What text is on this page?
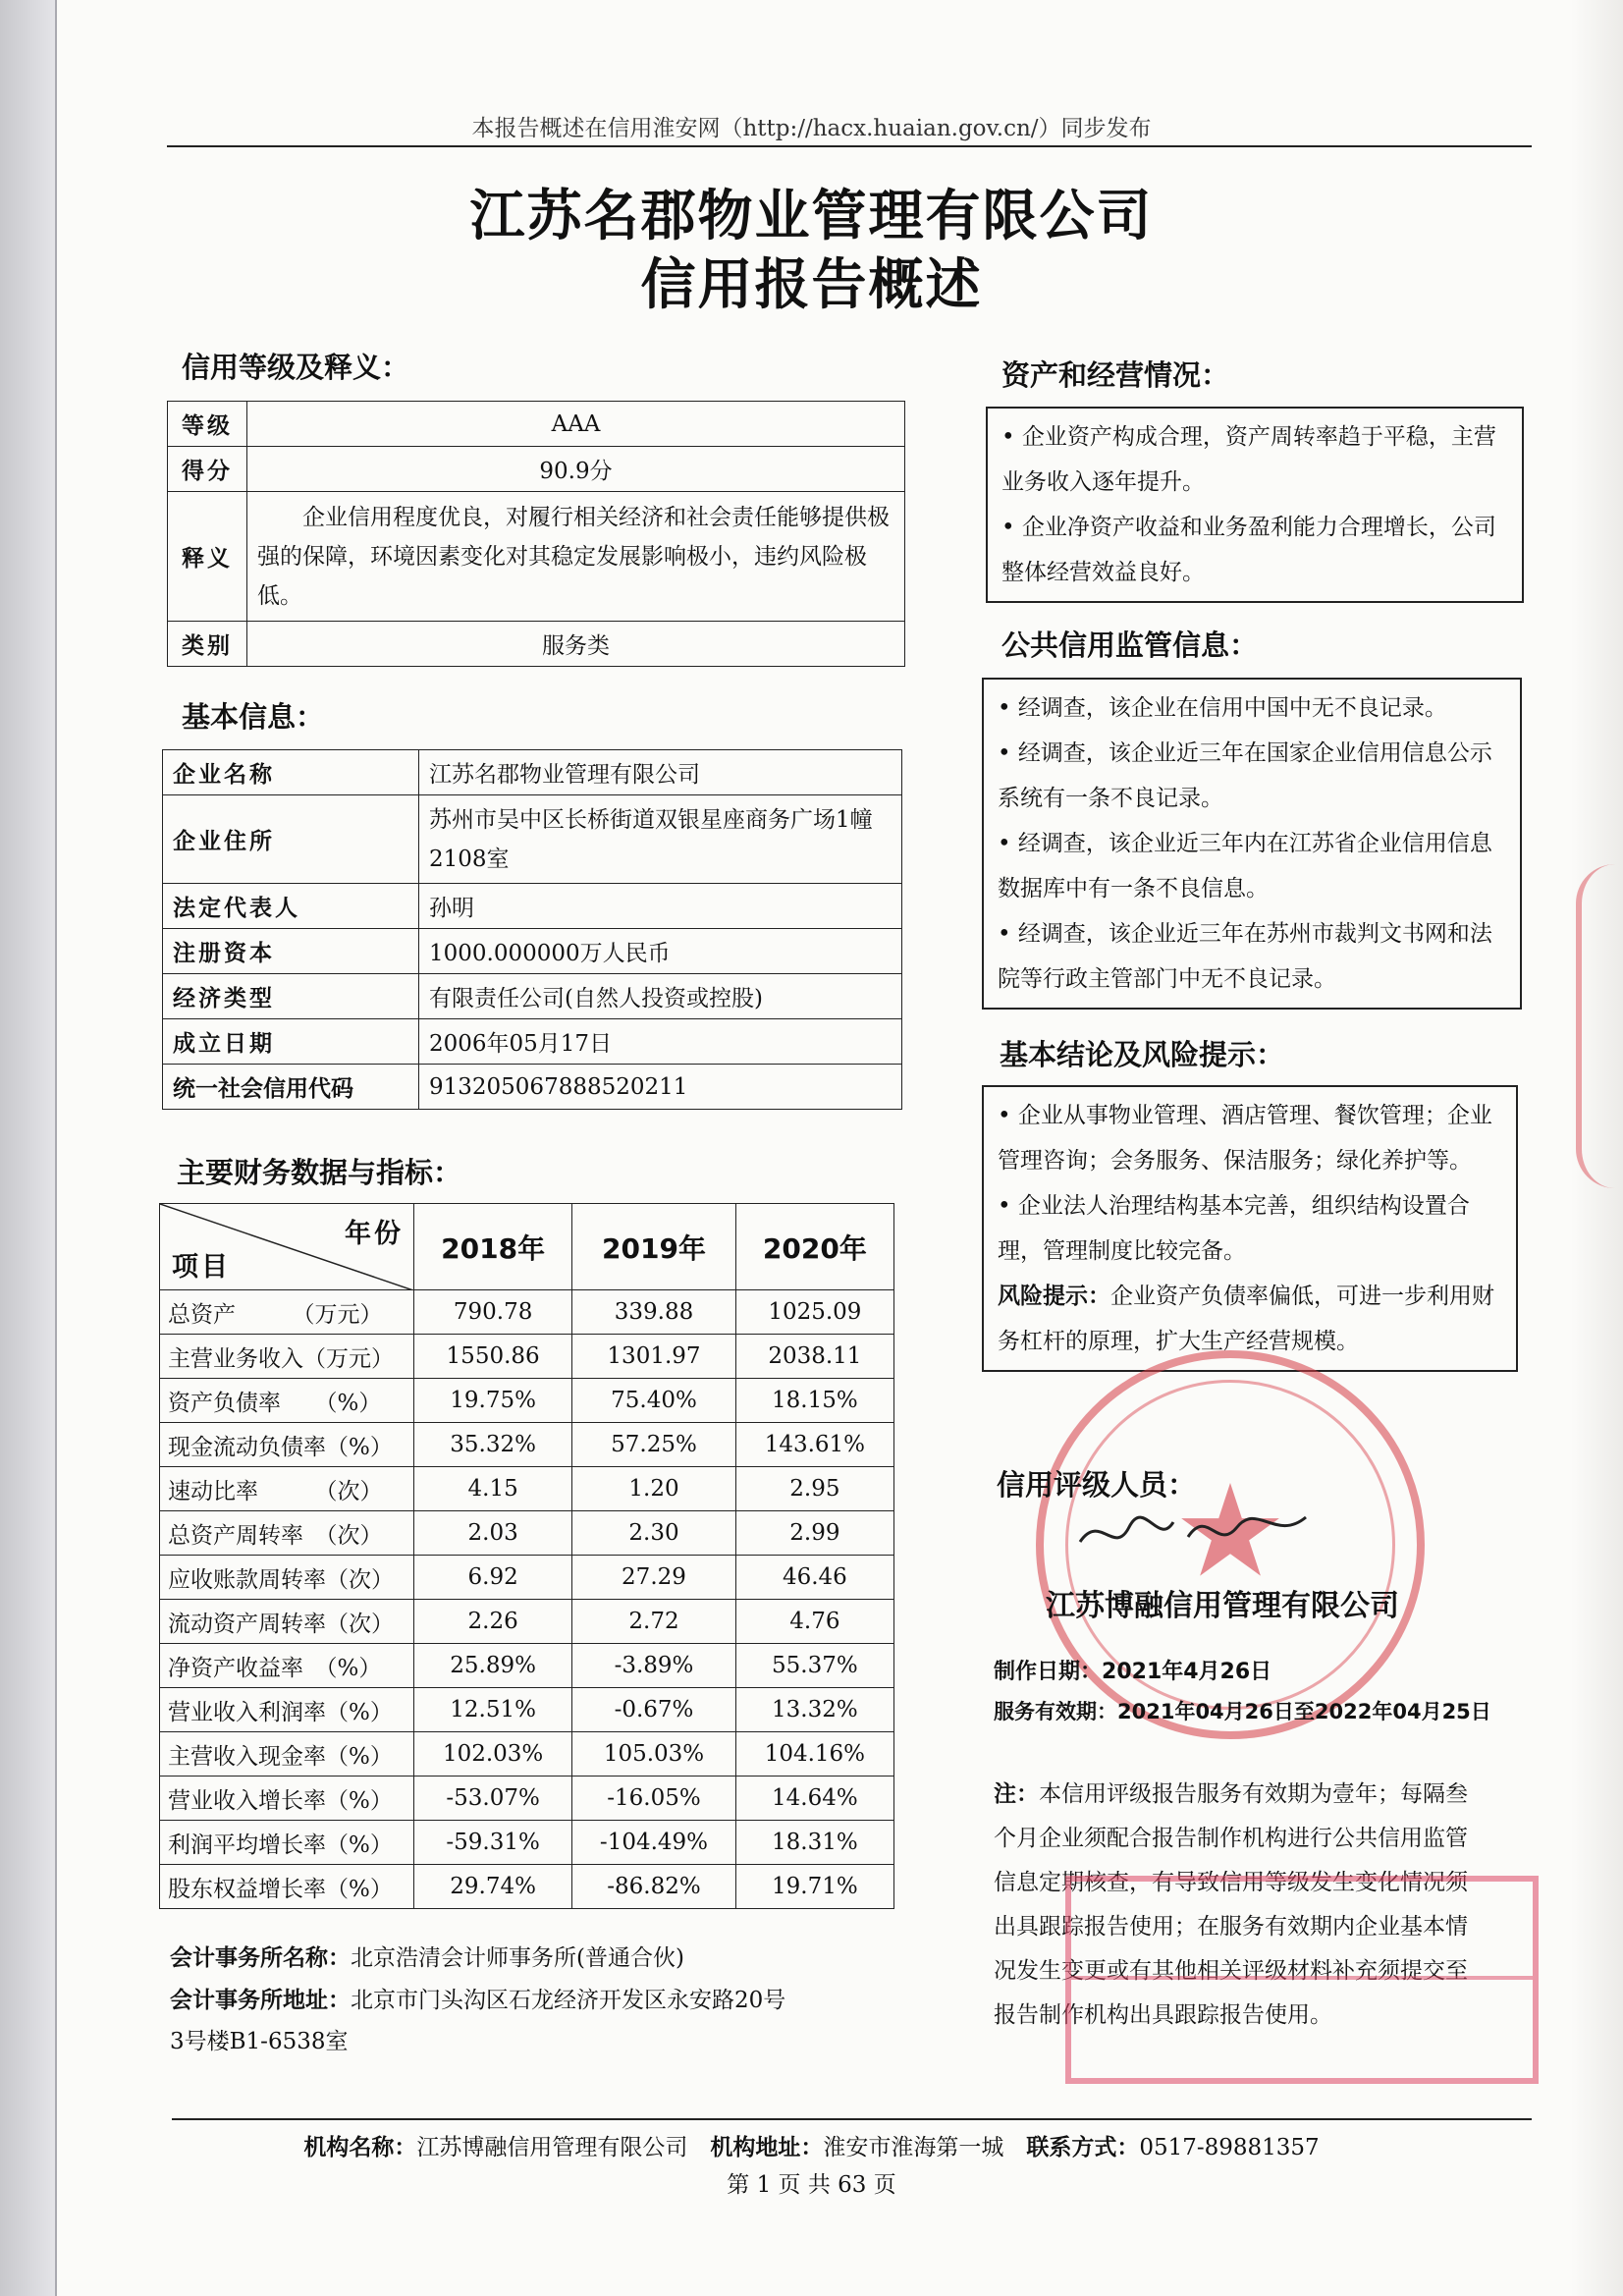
本报告概述在信用淮安网（http://hacx.huaian.gov.cn/）同步发布
江苏名郡物业管理有限公司
信用报告概述
信用等级及释义：
等级	AAA
得分	90.9分
释义	企业信用程度优良，对履行相关经济和社会责任能够提供极强的保障，环境因素变化对其稳定发展影响极小，违约风险极低。
类别	服务类
基本信息：
企业名称	江苏名郡物业管理有限公司
企业住所	苏州市吴中区长桥街道双银星座商务广场1幢2108室
法定代表人	孙明
注册资本	1000.000000万人民币
经济类型	有限责任公司(自然人投资或控股)
成立日期	2006年05月17日
统一社会信用代码	913205067888520211
主要财务数据与指标：
年份
项目	2018年	2019年	2020年
总资产　　　（万元）	790.78	339.88	1025.09
主营业务收入（万元）	1550.86	1301.97	2038.11
资产负债率　　（%）	19.75%	75.40%	18.15%
现金流动负债率（%）	35.32%	57.25%	143.61%
速动比率　　　（次）	4.15	1.20	2.95
总资产周转率　（次）	2.03	2.30	2.99
应收账款周转率（次）	6.92	27.29	46.46
流动资产周转率（次）	2.26	2.72	4.76
净资产收益率　（%）	25.89%	-3.89%	55.37%
营业收入利润率（%）	12.51%	-0.67%	13.32%
主营收入现金率（%）	102.03%	105.03%	104.16%
营业收入增长率（%）	-53.07%	-16.05%	14.64%
利润平均增长率（%）	-59.31%	-104.49%	18.31%
股东权益增长率（%）	29.74%	-86.82%	19.71%
会计事务所名称：北京浩清会计师事务所(普通合伙)
会计事务所地址：北京市门头沟区石龙经济开发区永安路20号
3号楼B1-6538室
资产和经营情况：

• 企业资产构成合理，资产周转率趋于平稳，主营业务收入逐年提升。

• 企业净资产收益和业务盈利能力合理增长，公司整体经营效益良好。

公共信用监管信息：

• 经调查，该企业在信用中国中无不良记录。

• 经调查，该企业近三年在国家企业信用信息公示系统有一条不良记录。

• 经调查，该企业近三年内在江苏省企业信用信息数据库中有一条不良信息。

• 经调查，该企业近三年在苏州市裁判文书网和法院等行政主管部门中无不良记录。

基本结论及风险提示：

• 企业从事物业管理、酒店管理、餐饮管理；企业管理咨询；会务服务、保洁服务；绿化养护等。

• 企业法人治理结构基本完善，组织结构设置合理，管理制度比较完备。

风险提示：企业资产负债率偏低，可进一步利用财务杠杆的原理，扩大生产经营规模。

★
信用评级人员：
江苏博融信用管理有限公司
制作日期：2021年4月26日
服务有效期：2021年04月26日至2022年04月25日
注：本信用评级报告服务有效期为壹年；每隔叁个月企业须配合报告制作机构进行公共信用监管信息定期核查，有导致信用等级发生变化情况须出具跟踪报告使用；在服务有效期内企业基本情况发生变更或有其他相关评级材料补充须提交至报告制作机构出具跟踪报告使用。
机构名称：江苏博融信用管理有限公司　 机构地址：淮安市淮海第一城　 联系方式：0517-89881357
第 1 页 共 63 页
